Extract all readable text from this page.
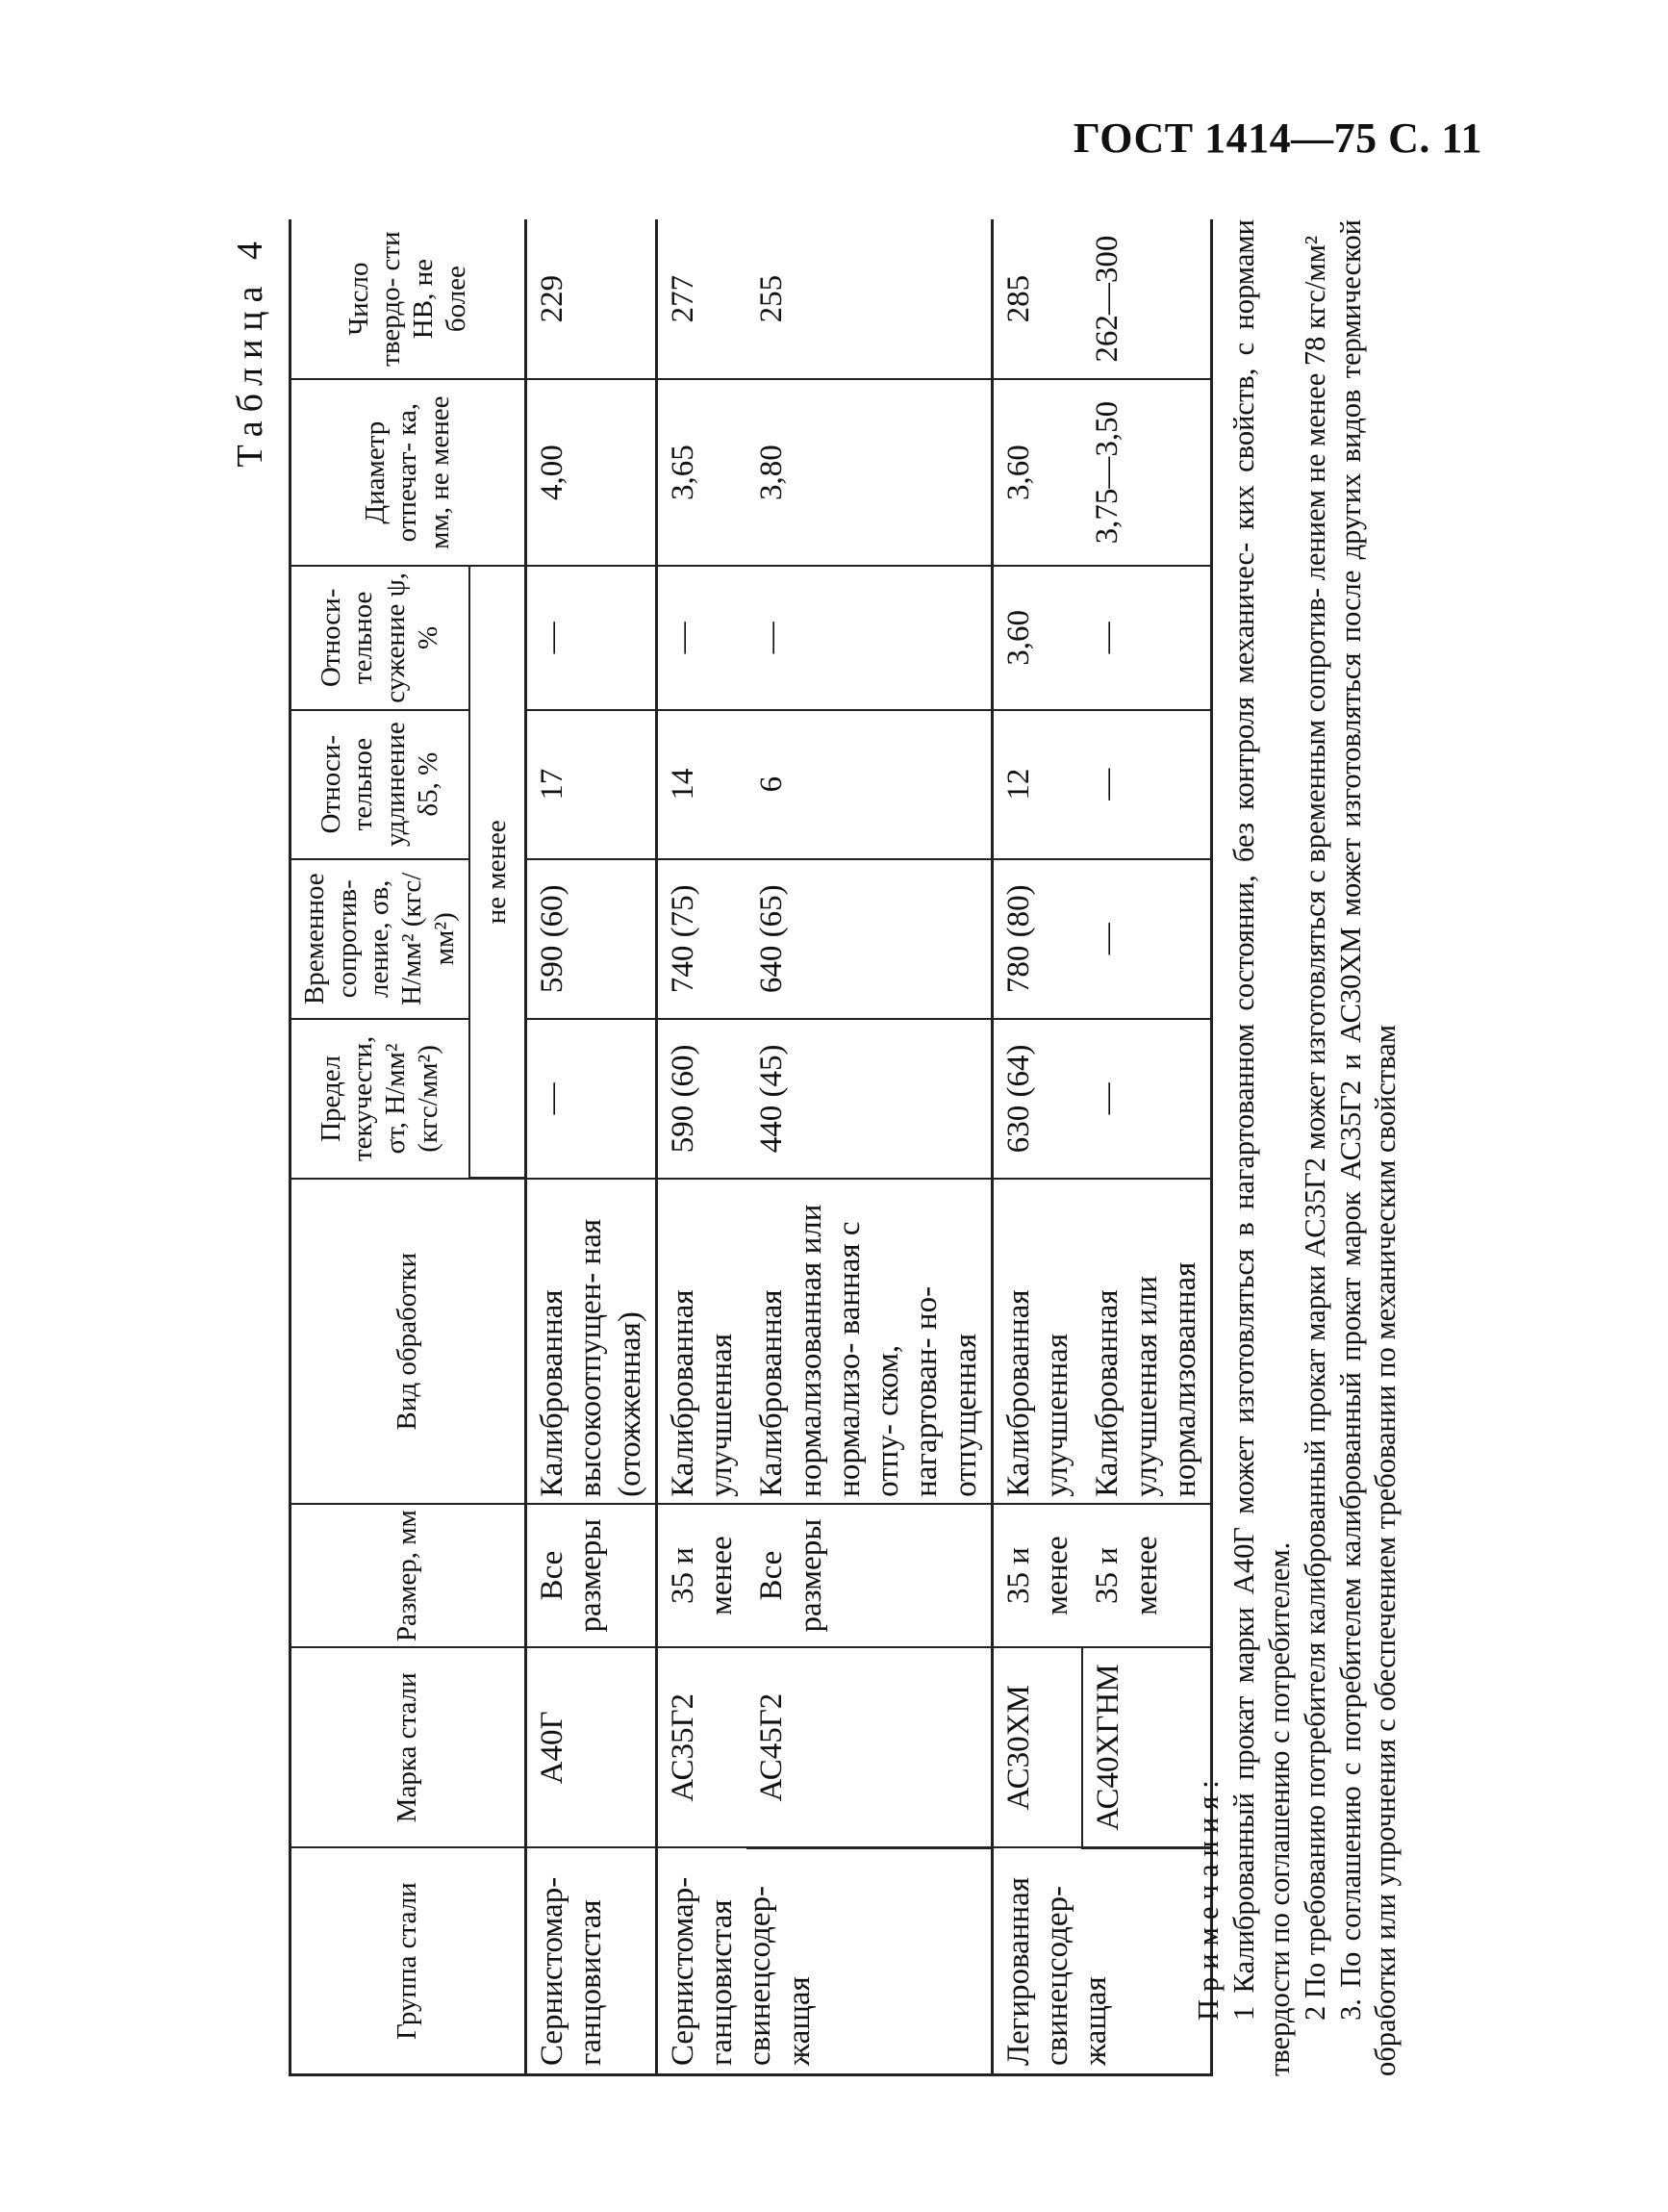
ГОСТ 1414—75 С. 11
Таблица 4
Группа стали	Марка стали	Размер, мм	Вид обработки	Предел текучести, σт, Н/мм² (кгс/мм²)	Временное сопротив- ление, σв, Н/мм² (кгс/мм²)	Относи- тельное удлинение δ5, %	Относи- тельное сужение ψ, %	Диаметр отпечат- ка, мм, не менее	Число твердо- сти НВ, не более
				не менее					
Сернистомар- ганцовистая	А40Г	Все размеры	Калиброванная высокоотпущен- ная (отожженная)	—	590 (60)	17	—	4,00	229
Сернистомар- ганцовистая свинецсодер- жащая	АС35Г2	35 и менее	Калиброванная улучшенная	590 (60)	740 (75)	14	—	3,65	277
	АС45Г2	Все размеры	Калиброванная нормализованная или нормализо- ванная с отпу- ском, нагартован- но-отпущенная	440 (45)	640 (65)	6	—	3,80	255
Легированная свинецсодер- жащая	АС30ХМ	35 и менее	Калиброванная улучшенная	630 (64)	780 (80)	12	3,60	3,60	285
	АС40ХГНМ	35 и менее	Калиброванная улучшенная или нормализованная	—	—	—	—	3,75—3,50	262—300

Примечания: 1 Калиброванный прокат марки А40Г может изготовляться в нагартованном состоянии, без контроля механичес- ких свойств, с нормами твердости по соглашению с потребителем. 2 По требованию потребителя калиброванный прокат марки АС35Г2 может изготовляться с временным сопротив- лением не менее 78 кгс/мм² 3. По соглашению с потребителем калиброванный прокат марок АС35Г2 и АС30ХМ может изготовляться после других видов термической обработки или упрочнения с обеспечением требовании по механическим свойствам
